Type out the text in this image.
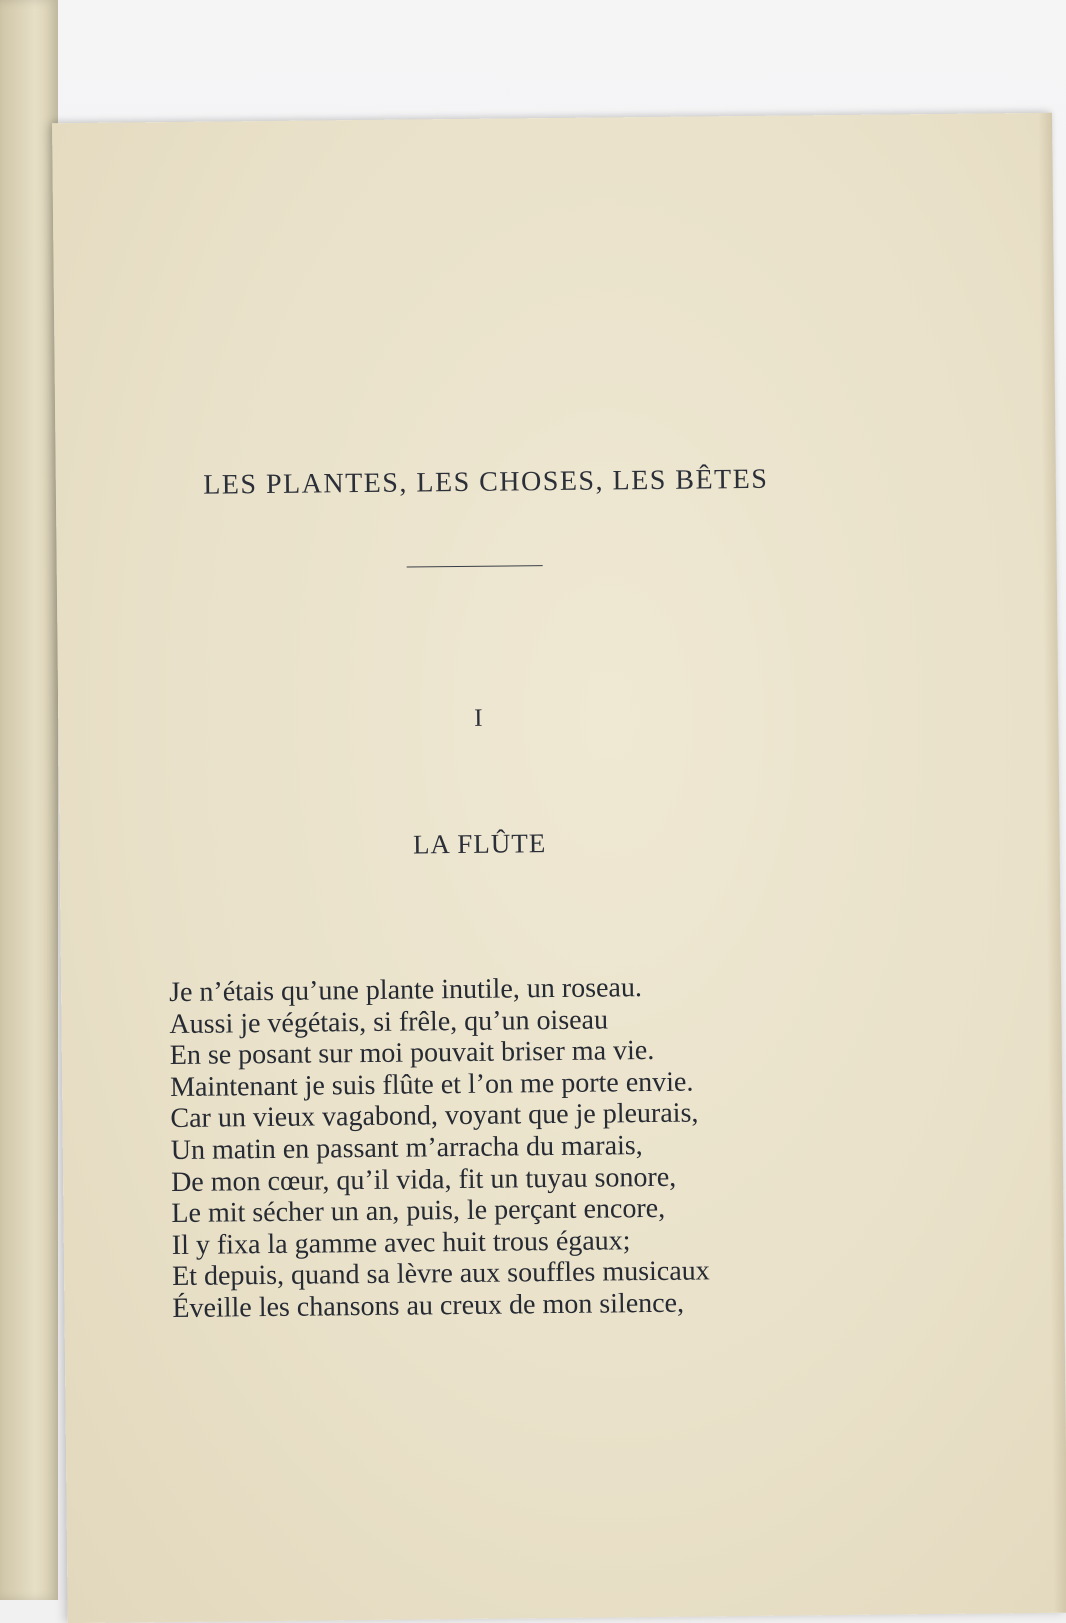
LES PLANTES, LES CHOSES, LES BÊTES
I
LA FLÛTE
Je n’étais qu’une plante inutile, un roseau.
Aussi je végétais, si frêle, qu’un oiseau
En se posant sur moi pouvait briser ma vie.
Maintenant je suis flûte et l’on me porte envie.
Car un vieux vagabond, voyant que je pleurais,
Un matin en passant m’arracha du marais,
De mon cœur, qu’il vida, fit un tuyau sonore,
Le mit sécher un an, puis, le perçant encore,
Il y fixa la gamme avec huit trous égaux;
Et depuis, quand sa lèvre aux souffles musicaux
Éveille les chansons au creux de mon silence,
